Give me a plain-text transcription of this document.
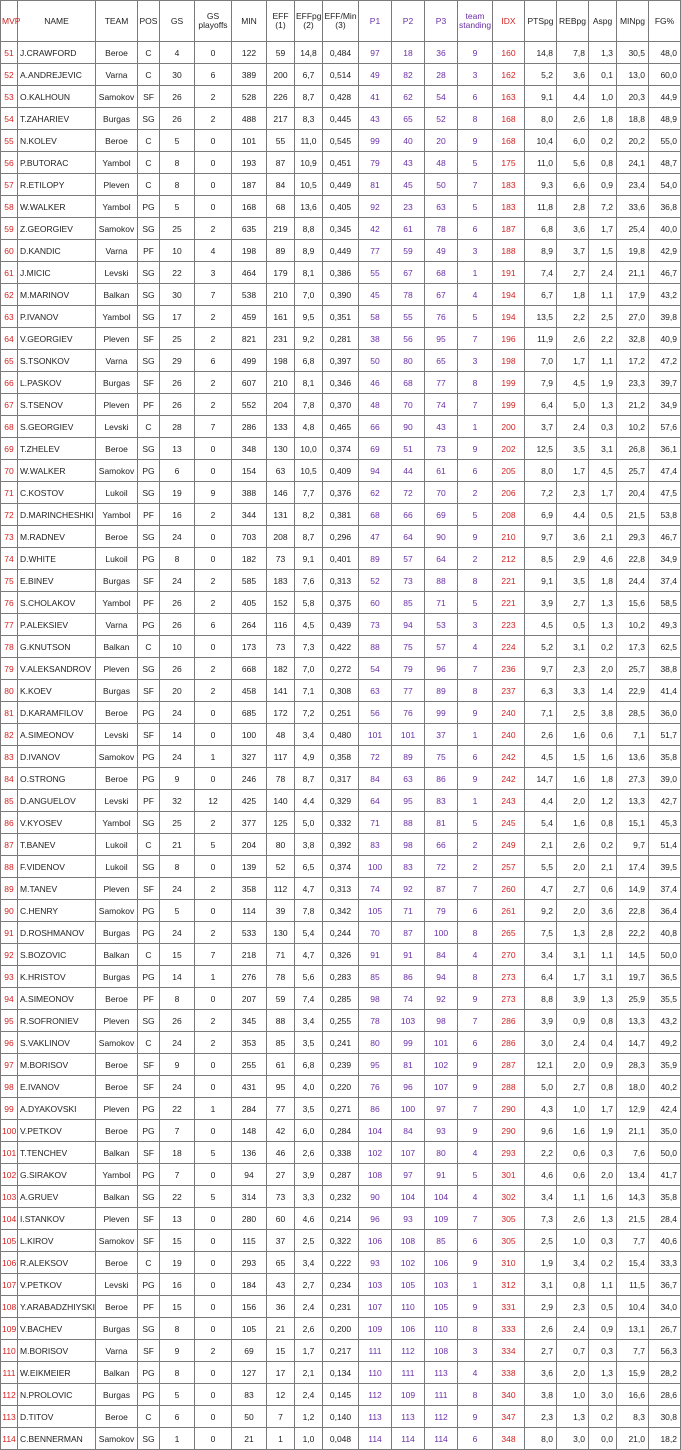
MVP	NAME	TEAM	POS	GS	GS playoffs	MIN	EFF (1)	EFFpg (2)	EFF/Min (3)	P1	P2	P3	team standing	IDX	PTSpg	REBpg	Aspg	MINpg	FG%
51	J.CRAWFORD	Beroe	C	4	0	122	59	14,8	0,484	97	18	36	9	160	14,8	7,8	1,3	30,5	48,0
52	A.ANDREJEVIC	Varna	C	30	6	389	200	6,7	0,514	49	82	28	3	162	5,2	3,6	0,1	13,0	60,0
53	O.KALHOUN	Samokov	SF	26	2	528	226	8,7	0,428	41	62	54	6	163	9,1	4,4	1,0	20,3	44,9
54	T.ZAHARIEV	Burgas	SG	26	2	488	217	8,3	0,445	43	65	52	8	168	8,0	2,6	1,8	18,8	48,9
55	N.KOLEV	Beroe	C	5	0	101	55	11,0	0,545	99	40	20	9	168	10,4	6,0	0,2	20,2	55,0
56	P.BUTORAC	Yambol	C	8	0	193	87	10,9	0,451	79	43	48	5	175	11,0	5,6	0,8	24,1	48,7
57	R.ETILOPY	Pleven	C	8	0	187	84	10,5	0,449	81	45	50	7	183	9,3	6,6	0,9	23,4	54,0
58	W.WALKER	Yambol	PG	5	0	168	68	13,6	0,405	92	23	63	5	183	11,8	2,8	7,2	33,6	36,8
59	Z.GEORGIEV	Samokov	SG	25	2	635	219	8,8	0,345	42	61	78	6	187	6,8	3,6	1,7	25,4	40,0
60	D.KANDIC	Varna	PF	10	4	198	89	8,9	0,449	77	59	49	3	188	8,9	3,7	1,5	19,8	42,9
61	J.MICIC	Levski	SG	22	3	464	179	8,1	0,386	55	67	68	1	191	7,4	2,7	2,4	21,1	46,7
62	M.MARINOV	Balkan	SG	30	7	538	210	7,0	0,390	45	78	67	4	194	6,7	1,8	1,1	17,9	43,2
63	P.IVANOV	Yambol	SG	17	2	459	161	9,5	0,351	58	55	76	5	194	13,5	2,2	2,5	27,0	39,8
64	V.GEORGIEV	Pleven	SF	25	2	821	231	9,2	0,281	38	56	95	7	196	11,9	2,6	2,2	32,8	40,9
65	S.TSONKOV	Varna	SG	29	6	499	198	6,8	0,397	50	80	65	3	198	7,0	1,7	1,1	17,2	47,2
66	L.PASKOV	Burgas	SF	26	2	607	210	8,1	0,346	46	68	77	8	199	7,9	4,5	1,9	23,3	39,7
67	S.TSENOV	Pleven	PF	26	2	552	204	7,8	0,370	48	70	74	7	199	6,4	5,0	1,3	21,2	34,9
68	S.GEORGIEV	Levski	C	28	7	286	133	4,8	0,465	66	90	43	1	200	3,7	2,4	0,3	10,2	57,6
69	T.ZHELEV	Beroe	SG	13	0	348	130	10,0	0,374	69	51	73	9	202	12,5	3,5	3,1	26,8	36,1
70	W.WALKER	Samokov	PG	6	0	154	63	10,5	0,409	94	44	61	6	205	8,0	1,7	4,5	25,7	47,4
71	C.KOSTOV	Lukoil	SG	19	9	388	146	7,7	0,376	62	72	70	2	206	7,2	2,3	1,7	20,4	47,5
72	D.MARINCHESHKI	Yambol	PF	16	2	344	131	8,2	0,381	68	66	69	5	208	6,9	4,4	0,5	21,5	53,8
73	M.RADNEV	Beroe	SG	24	0	703	208	8,7	0,296	47	64	90	9	210	9,7	3,6	2,1	29,3	46,7
74	D.WHITE	Lukoil	PG	8	0	182	73	9,1	0,401	89	57	64	2	212	8,5	2,9	4,6	22,8	34,9
75	E.BINEV	Burgas	SF	24	2	585	183	7,6	0,313	52	73	88	8	221	9,1	3,5	1,8	24,4	37,4
76	S.CHOLAKOV	Yambol	PF	26	2	405	152	5,8	0,375	60	85	71	5	221	3,9	2,7	1,3	15,6	58,5
77	P.ALEKSIEV	Varna	PG	26	6	264	116	4,5	0,439	73	94	53	3	223	4,5	0,5	1,3	10,2	49,3
78	G.KNUTSON	Balkan	C	10	0	173	73	7,3	0,422	88	75	57	4	224	5,2	3,1	0,2	17,3	62,5
79	V.ALEKSANDROV	Pleven	SG	26	2	668	182	7,0	0,272	54	79	96	7	236	9,7	2,3	2,0	25,7	38,8
80	K.KOEV	Burgas	SF	20	2	458	141	7,1	0,308	63	77	89	8	237	6,3	3,3	1,4	22,9	41,4
81	D.KARAMFILOV	Beroe	PG	24	0	685	172	7,2	0,251	56	76	99	9	240	7,1	2,5	3,8	28,5	36,0
82	A.SIMEONOV	Levski	SF	14	0	100	48	3,4	0,480	101	101	37	1	240	2,6	1,6	0,6	7,1	51,7
83	D.IVANOV	Samokov	PG	24	1	327	117	4,9	0,358	72	89	75	6	242	4,5	1,5	1,6	13,6	35,8
84	O.STRONG	Beroe	PG	9	0	246	78	8,7	0,317	84	63	86	9	242	14,7	1,6	1,8	27,3	39,0
85	D.ANGUELOV	Levski	PF	32	12	425	140	4,4	0,329	64	95	83	1	243	4,4	2,0	1,2	13,3	42,7
86	V.KYOSEV	Yambol	SG	25	2	377	125	5,0	0,332	71	88	81	5	245	5,4	1,6	0,8	15,1	45,3
87	T.BANEV	Lukoil	C	21	5	204	80	3,8	0,392	83	98	66	2	249	2,1	2,6	0,2	9,7	51,4
88	F.VIDENOV	Lukoil	SG	8	0	139	52	6,5	0,374	100	83	72	2	257	5,5	2,0	2,1	17,4	39,5
89	M.TANEV	Pleven	SF	24	2	358	112	4,7	0,313	74	92	87	7	260	4,7	2,7	0,6	14,9	37,4
90	C.HENRY	Samokov	PG	5	0	114	39	7,8	0,342	105	71	79	6	261	9,2	2,0	3,6	22,8	36,4
91	D.ROSHMANOV	Burgas	PG	24	2	533	130	5,4	0,244	70	87	100	8	265	7,5	1,3	2,8	22,2	40,8
92	S.BOZOVIC	Balkan	C	15	7	218	71	4,7	0,326	91	91	84	4	270	3,4	3,1	1,1	14,5	50,0
93	K.HRISTOV	Burgas	PG	14	1	276	78	5,6	0,283	85	86	94	8	273	6,4	1,7	3,1	19,7	36,5
94	A.SIMEONOV	Beroe	PF	8	0	207	59	7,4	0,285	98	74	92	9	273	8,8	3,9	1,3	25,9	35,5
95	R.SOFRONIEV	Pleven	SG	26	2	345	88	3,4	0,255	78	103	98	7	286	3,9	0,9	0,8	13,3	43,2
96	S.VAKLINOV	Samokov	C	24	2	353	85	3,5	0,241	80	99	101	6	286	3,0	2,4	0,4	14,7	49,2
97	M.BORISOV	Beroe	SF	9	0	255	61	6,8	0,239	95	81	102	9	287	12,1	2,0	0,9	28,3	35,9
98	E.IVANOV	Beroe	SF	24	0	431	95	4,0	0,220	76	96	107	9	288	5,0	2,7	0,8	18,0	40,2
99	A.DYAKOVSKI	Pleven	PG	22	1	284	77	3,5	0,271	86	100	97	7	290	4,3	1,0	1,7	12,9	42,4
100	V.PETKOV	Beroe	PG	7	0	148	42	6,0	0,284	104	84	93	9	290	9,6	1,6	1,9	21,1	35,0
101	T.TENCHEV	Balkan	SF	18	5	136	46	2,6	0,338	102	107	80	4	293	2,2	0,6	0,3	7,6	50,0
102	G.SIRAKOV	Yambol	PG	7	0	94	27	3,9	0,287	108	97	91	5	301	4,6	0,6	2,0	13,4	41,7
103	A.GRUEV	Balkan	SG	22	5	314	73	3,3	0,232	90	104	104	4	302	3,4	1,1	1,6	14,3	35,8
104	I.STANKOV	Pleven	SF	13	0	280	60	4,6	0,214	96	93	109	7	305	7,3	2,6	1,3	21,5	28,4
105	L.KIROV	Samokov	SF	15	0	115	37	2,5	0,322	106	108	85	6	305	2,5	1,0	0,3	7,7	40,6
106	R.ALEKSOV	Beroe	C	19	0	293	65	3,4	0,222	93	102	106	9	310	1,9	3,4	0,2	15,4	33,3
107	V.PETKOV	Levski	PG	16	0	184	43	2,7	0,234	103	105	103	1	312	3,1	0,8	1,1	11,5	36,7
108	Y.ARABADZHIYSKI	Beroe	PF	15	0	156	36	2,4	0,231	107	110	105	9	331	2,9	2,3	0,5	10,4	34,0
109	V.BACHEV	Burgas	SG	8	0	105	21	2,6	0,200	109	106	110	8	333	2,6	2,4	0,9	13,1	26,7
110	M.BORISOV	Varna	SF	9	2	69	15	1,7	0,217	111	112	108	3	334	2,7	0,7	0,3	7,7	56,3
111	W.EIKMEIER	Balkan	PG	8	0	127	17	2,1	0,134	110	111	113	4	338	3,6	2,0	1,3	15,9	28,2
112	N.PROLOVIC	Burgas	PG	5	0	83	12	2,4	0,145	112	109	111	8	340	3,8	1,0	3,0	16,6	28,6
113	D.TITOV	Beroe	C	6	0	50	7	1,2	0,140	113	113	112	9	347	2,3	1,3	0,2	8,3	30,8
114	C.BENNERMAN	Samokov	SG	1	0	21	1	1,0	0,048	114	114	114	6	348	8,0	3,0	0,0	21,0	18,2
